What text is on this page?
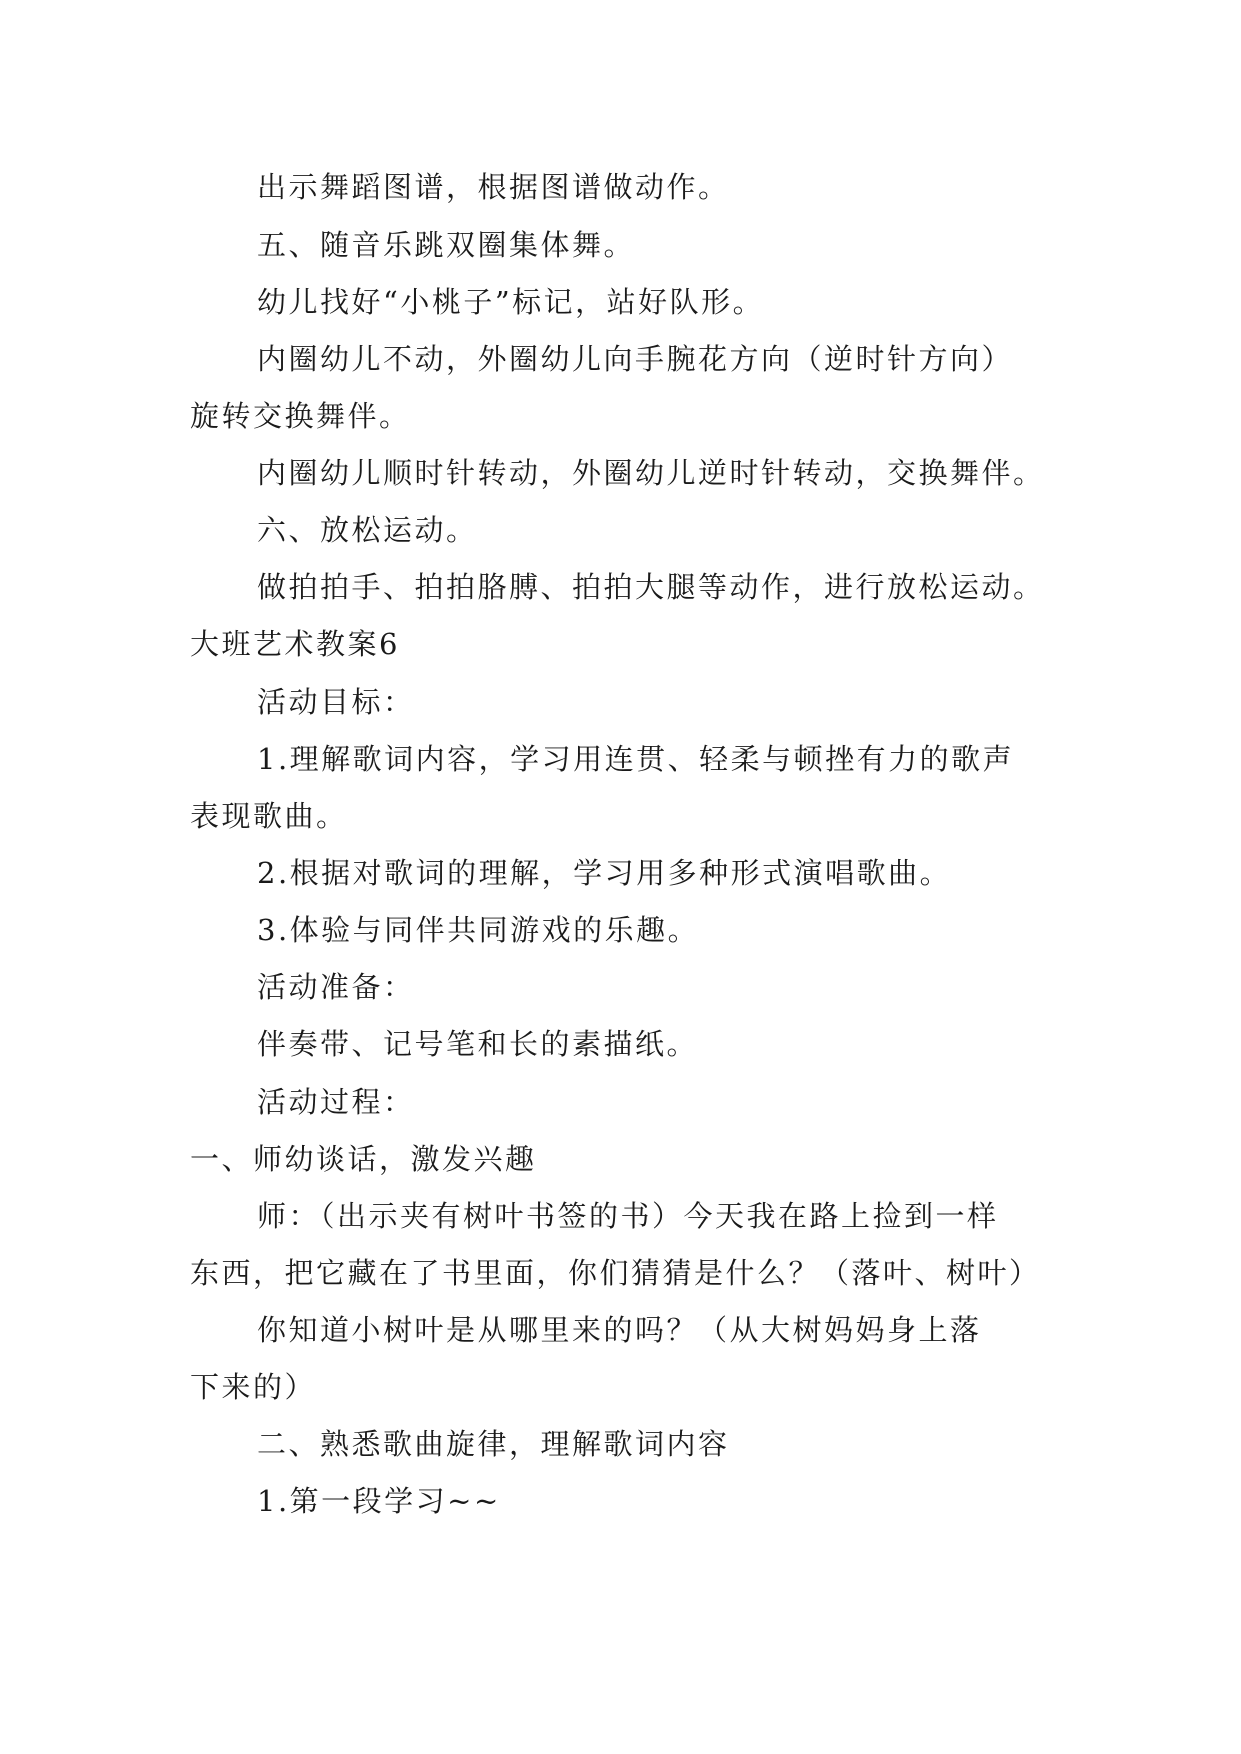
出示舞蹈图谱，根据图谱做动作。
五、随音乐跳双圈集体舞。
幼儿找好“小桃子”标记，站好队形。
内圈幼儿不动，外圈幼儿向手腕花方向（逆时针方向）
旋转交换舞伴。
内圈幼儿顺时针转动，外圈幼儿逆时针转动，交换舞伴。
六、放松运动。
做拍拍手、拍拍胳膊、拍拍大腿等动作，进行放松运动。
大班艺术教案6
活动目标：
1.理解歌词内容，学习用连贯、轻柔与顿挫有力的歌声
表现歌曲。
2.根据对歌词的理解，学习用多种形式演唱歌曲。
3.体验与同伴共同游戏的乐趣。
活动准备：
伴奏带、记号笔和长的素描纸。
活动过程：
一、师幼谈话，激发兴趣
师：（出示夹有树叶书签的书）今天我在路上捡到一样
东西，把它藏在了书里面，你们猜猜是什么？（落叶、树叶）
你知道小树叶是从哪里来的吗？（从大树妈妈身上落
下来的）
二、熟悉歌曲旋律，理解歌词内容
1.第一段学习~~
